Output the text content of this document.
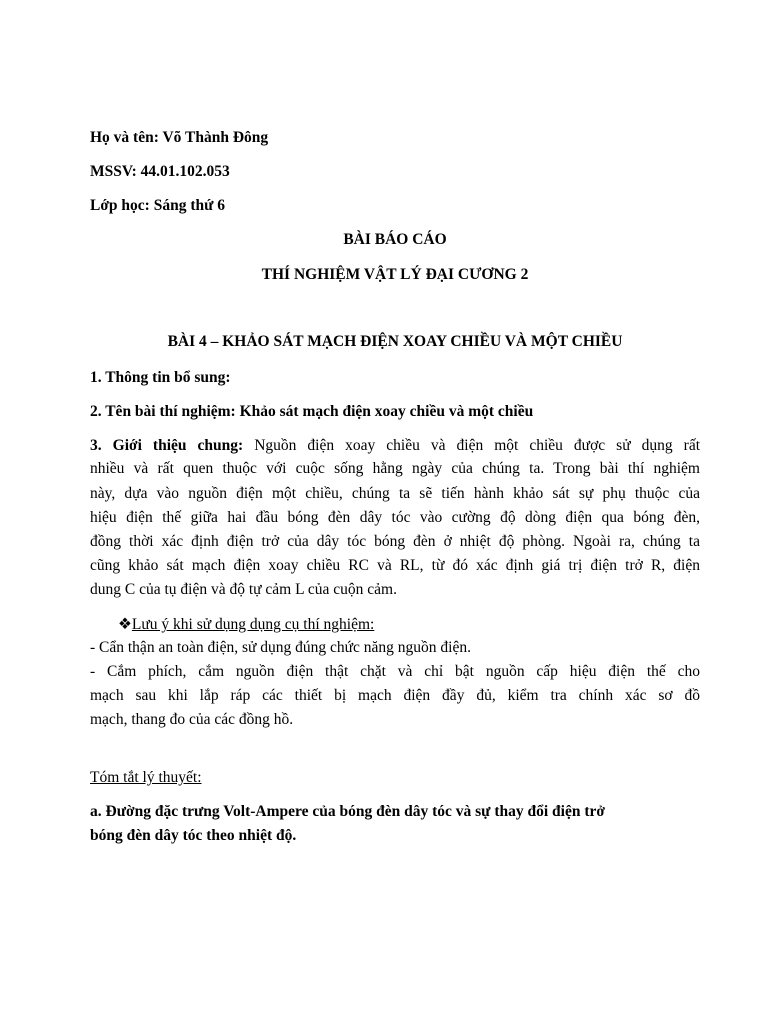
Họ và tên: Võ Thành Đông
MSSV: 44.01.102.053
Lớp học: Sáng thứ 6
BÀI BÁO CÁO
THÍ NGHIỆM VẬT LÝ ĐẠI CƯƠNG 2
BÀI 4 – KHẢO SÁT MẠCH ĐIỆN XOAY CHIỀU VÀ MỘT CHIỀU
1. Thông tin bổ sung:
2. Tên bài thí nghiệm: Khảo sát mạch điện xoay chiều và một chiều
3. Giới thiệu chung: Nguồn điện xoay chiều và điện một chiều được sử dụng rất
nhiều và rất quen thuộc với cuộc sống hằng ngày của chúng ta. Trong bài thí nghiệm
này, dựa vào nguồn điện một chiều, chúng ta sẽ tiến hành khảo sát sự phụ thuộc của
hiệu điện thế giữa hai đầu bóng đèn dây tóc vào cường độ dòng điện qua bóng đèn,
đồng thời xác định điện trở của dây tóc bóng đèn ở nhiệt độ phòng. Ngoài ra, chúng ta
cũng khảo sát mạch điện xoay chiều RC và RL, từ đó xác định giá trị điện trở R, điện
dung C của tụ điện và độ tự cảm L của cuộn cảm.
❖Lưu ý khi sử dụng dụng cụ thí nghiệm:
- Cẩn thận an toàn điện, sử dụng đúng chức năng nguồn điện.
- Cắm phích, cắm nguồn điện thật chặt và chỉ bật nguồn cấp hiệu điện thế cho
mạch sau khi lắp ráp các thiết bị mạch điện đầy đủ, kiểm tra chính xác sơ đồ
mạch, thang đo của các đồng hồ.
Tóm tắt lý thuyết:
a. Đường đặc trưng Volt-Ampere của bóng đèn dây tóc và sự thay đổi điện trở
bóng đèn dây tóc theo nhiệt độ.
